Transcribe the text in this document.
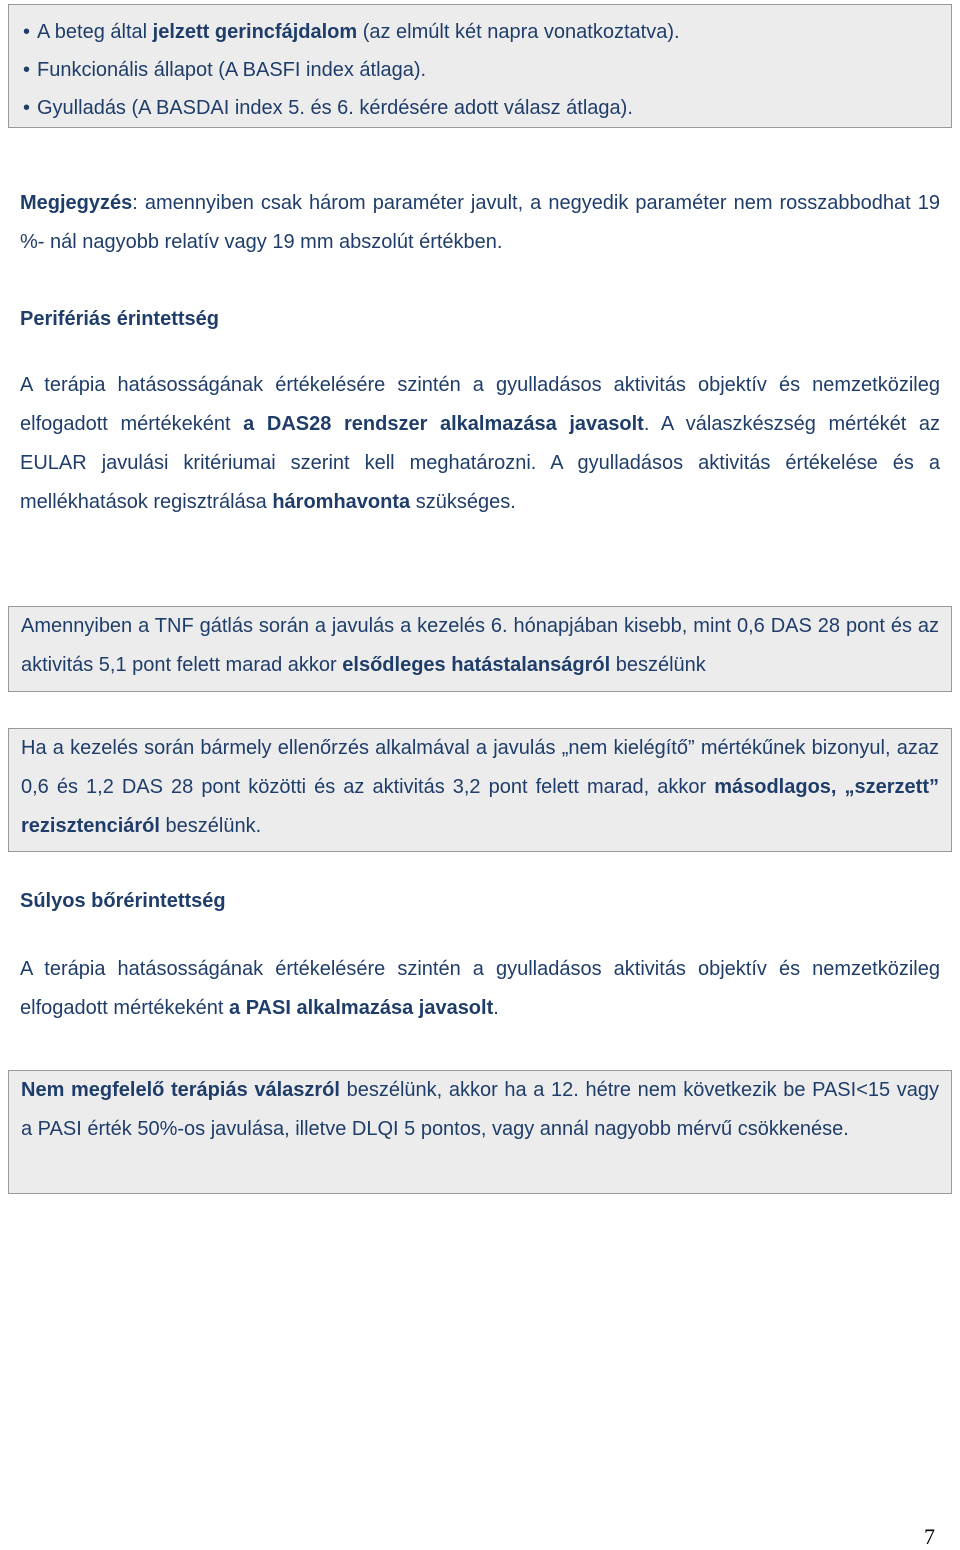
• A beteg által jelzett gerincfájdalom (az elmúlt két napra vonatkoztatva).
• Funkcionális állapot (A BASFI index átlaga).
• Gyulladás (A BASDAI index 5. és 6. kérdésére adott válasz átlaga).
Megjegyzés: amennyiben csak három paraméter javult, a negyedik paraméter nem rosszabbodhat 19 %- nál nagyobb relatív vagy 19 mm abszolút értékben.
Perifériás érintettség
A terápia hatásosságának értékelésére szintén a gyulladásos aktivitás objektív és nemzetközileg elfogadott mértékeként a DAS28 rendszer alkalmazása javasolt. A válaszkészség mértékét az EULAR javulási kritériumai szerint kell meghatározni. A gyulladásos aktivitás értékelése és a mellékhatások regisztrálása háromhavonta szükséges.
Amennyiben a TNF gátlás során a javulás a kezelés 6. hónapjában kisebb, mint 0,6 DAS 28 pont és az aktivitás 5,1 pont felett marad akkor elsődleges hatástalanságról beszélünk
Ha a kezelés során bármely ellenőrzés alkalmával a javulás „nem kielégítő” mértékűnek bizonyul, azaz 0,6 és 1,2 DAS 28 pont közötti és az aktivitás 3,2 pont felett marad, akkor másodlagos, „szerzett” rezisztenciáról beszélünk.
Súlyos bőrérintettség
A terápia hatásosságának értékelésére szintén a gyulladásos aktivitás objektív és nemzetközileg elfogadott mértékeként a PASI alkalmazása javasolt.
Nem megfelelő terápiás válaszról beszélünk, akkor ha a 12. hétre nem következik be PASI<15 vagy a PASI érték 50%-os javulása, illetve DLQI 5 pontos, vagy annál nagyobb mérvű csökkenése.
7
